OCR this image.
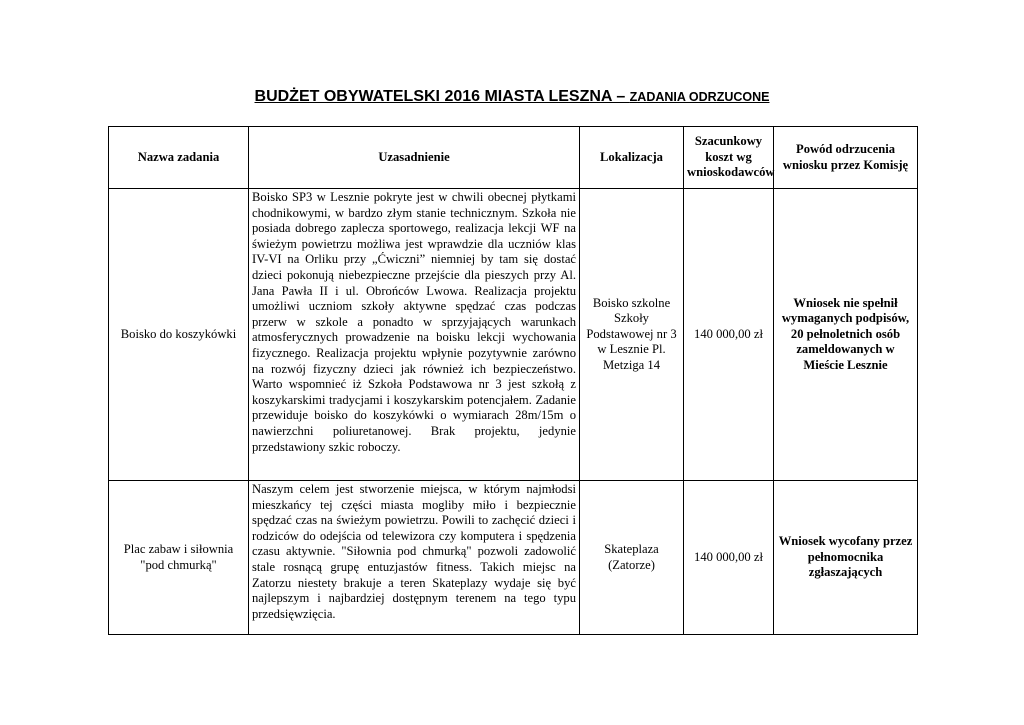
BUDŻET OBYWATELSKI 2016 MIASTA LESZNA – ZADANIA ODRZUCONE
Nazwa zadania	Uzasadnienie	Lokalizacja	Szacunkowy koszt wg wnioskodawców	Powód odrzucenia wniosku przez Komisję
Boisko do koszykówki	Boisko SP3 w Lesznie pokryte jest w chwili obecnej płytkami chodnikowymi, w bardzo złym stanie technicznym. Szkoła nie posiada dobrego zaplecza sportowego, realizacja lekcji WF na świeżym powietrzu możliwa jest wprawdzie dla uczniów klas IV-VI na Orliku przy „Ćwiczni” niemniej by tam się dostać dzieci pokonują niebezpieczne przejście dla pieszych przy Al. Jana Pawła II i ul. Obrońców Lwowa. Realizacja projektu umożliwi uczniom szkoły aktywne spędzać czas podczas przerw w szkole a ponadto w sprzyjających warunkach atmosferycznych prowadzenie na boisku lekcji wychowania fizycznego. Realizacja projektu wpłynie pozytywnie zarówno na rozwój fizyczny dzieci jak również ich bezpieczeństwo. Warto wspomnieć iż Szkoła Podstawowa nr 3 jest szkołą z koszykarskimi tradycjami i koszykarskim potencjałem. Zadanie przewiduje boisko do koszykówki o wymiarach 28m/15m o nawierzchni poliuretanowej. Brak projektu, jedynie przedstawiony szkic roboczy.	Boisko szkolne Szkoły Podstawowej nr 3 w Lesznie Pl. Metziga 14	140 000,00 zł	Wniosek nie spełnił wymaganych podpisów, 20 pełnoletnich osób zameldowanych w Mieście Lesznie
Plac zabaw i siłownia "pod chmurką"	Naszym celem jest stworzenie miejsca, w którym najmłodsi mieszkańcy tej części miasta mogliby miło i bezpiecznie spędzać czas na świeżym powietrzu. Powili to zachęcić dzieci i rodziców do odejścia od telewizora czy komputera i spędzenia czasu aktywnie. "Siłownia pod chmurką" pozwoli zadowolić stale rosnącą grupę entuzjastów fitness. Takich miejsc na Zatorzu niestety brakuje a teren Skateplazy wydaje się być najlepszym i najbardziej dostępnym terenem na tego typu przedsięwzięcia.	Skateplaza (Zatorze)	140 000,00 zł	Wniosek wycofany przez pełnomocnika zgłaszających
